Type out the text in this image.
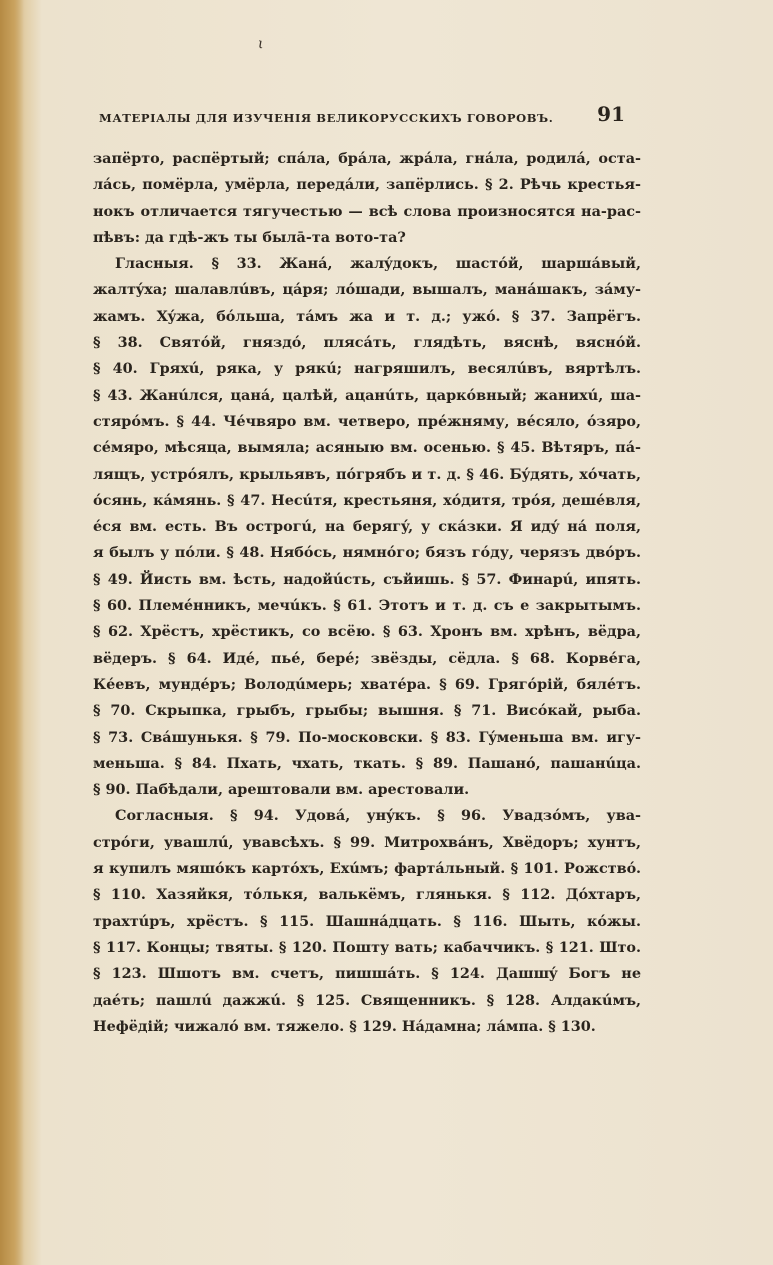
ι
МАТЕРІАЛЫ ДЛЯ ИЗУЧЕНІЯ ВЕЛИКОРУССКИХЪ ГОВОРОВЪ. 91
запёрто, распёртый; спáла, брáла, жрáла, гнáла, родилá, оста-
лáсь, помёрла, умёрла, передáли, запёрлись. § 2. Рѣчь крестья-
нокъ отличается тягучестью — всѣ слова произносятся на-рас-
пѣвъ: да гдѣ-жъ ты былā-та вото-та?
Гласныя. § 33. Жанá, жалýдокъ, шастóй, шаршáвый,
жалтýха; шалавлúвъ, цáря; лóшади, вышалъ, манáшакъ, зáму-
жамъ. Хýжа, бóльша, тáмъ жа и т. д.; ужó. § 37. Запрёгъ.
§ 38. Святóй, гняздó, плясáть, глядѣть, вяснѣ, вяснóй.
§ 40. Гряхú, ряка, у рякú; нагряшилъ, весялúвъ, вяртѣлъ.
§ 43. Жанúлся, цанá, цалѣй, ацанúть, царкóвный; жанихú, ша-
стярóмъ. § 44. Чéчвяро вм. четверо, прéжняму, вéсяло, óзяро,
сéмяро, мѣсяца, вымяла; асяныю вм. осенью. § 45. Вѣтяръ, пá-
лящъ, устрóялъ, крыльявъ, пóгрябъ и т. д. § 46. Бýдять, хóчать,
óсянь, кáмянь. § 47. Несúтя, крестьяня, хóдитя, трóя, дешéвля,
éся вм. есть. Въ острогú, на берягý, у скáзки. Я идý нá поля,
я былъ у пóли. § 48. Нябóсь, нямнóго; бязъ гóду, черязъ двóръ.
§ 49. Йисть вм. ѣсть, надойúсть, съйишь. § 57. Финарú, ипять.
§ 60. Племéнникъ, мечúкъ. § 61. Этотъ и т. д. съ е закрытымъ.
§ 62. Хрёстъ, хрёстикъ, со всёю. § 63. Хронъ вм. хрѣнъ, вёдра,
вёдеръ. § 64. Идé, пьé, берé; звёзды, сёдла. § 68. Корвéга,
Кéевъ, мундéръ; Володúмерь; хватéра. § 69. Грягóрій, бялéтъ.
§ 70. Скрыпка, грыбъ, грыбы; вышня. § 71. Висóкай, рыба.
§ 73. Свáшунькя. § 79. По-московски. § 83. Гýменьша вм. игу-
меньша. § 84. Пхать, чхать, ткать. § 89. Пашанó, пашанúца.
§ 90. Пабѣдали, арештовали вм. арестовали.
Согласныя. § 94. Удовá, унýкъ. § 96. Увадзóмъ, ува-
стрóги, увашлú, увавсѣхъ. § 99. Митрохвáнъ, Хвёдоръ; хунтъ,
я купилъ мяшóкъ картóхъ, Ехúмъ; фартáльный. § 101. Рожствó.
§ 110. Хазяйкя, тóлькя, валькёмъ, глянькя. § 112. Дóхтаръ,
трахтúръ, хрёстъ. § 115. Шашнáдцать. § 116. Шыть, кóжы.
§ 117. Концы; твяты. § 120. Пошту вать; кабаччикъ. § 121. Што.
§ 123. Шшотъ вм. счетъ, пишшáть. § 124. Дашшý Богъ не
даéть; пашлú дажжú. § 125. Священникъ. § 128. Алдакúмъ,
Нефёдій; чижалó вм. тяжело. § 129. Нáдамна; лáмпа. § 130.
